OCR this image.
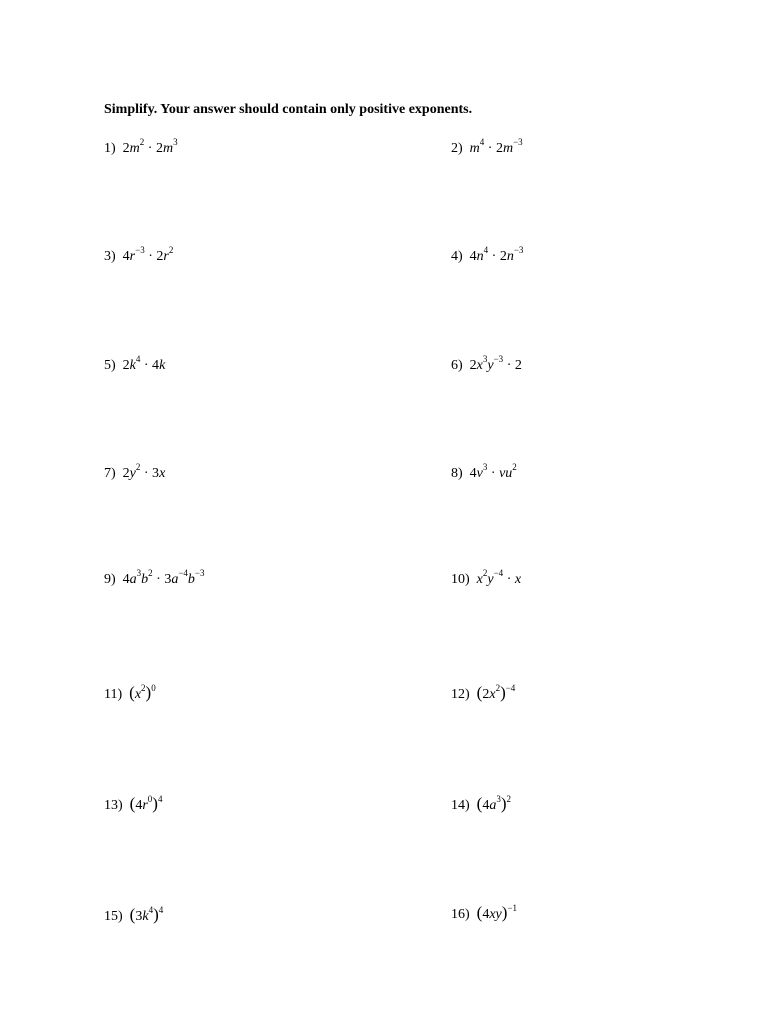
Simplify. Your answer should contain only positive exponents.
1) $2m^2 \cdot 2m^3$	2) $m^4 \cdot 2m^{-3}$
3) $4r^{-3} \cdot 2r^2$	4) $4n^4 \cdot 2n^{-3}$
5) $2k^4 \cdot 4k$	6) $2x^3y^{-3} \cdot 2$
7) $2y^2 \cdot 3x$	8) $4v^3 \cdot vu^2$
9) $4a^3b^2 \cdot 3a^{-4}b^{-3}$	10) $x^2y^{-4} \cdot x$
11) $(x^2)^0$	12) $(2x^2)^{-4}$
13) $(4r^0)^4$	14) $(4a^3)^2$
15) $(3k^4)^4$	16) $(4xy)^{-1}$
